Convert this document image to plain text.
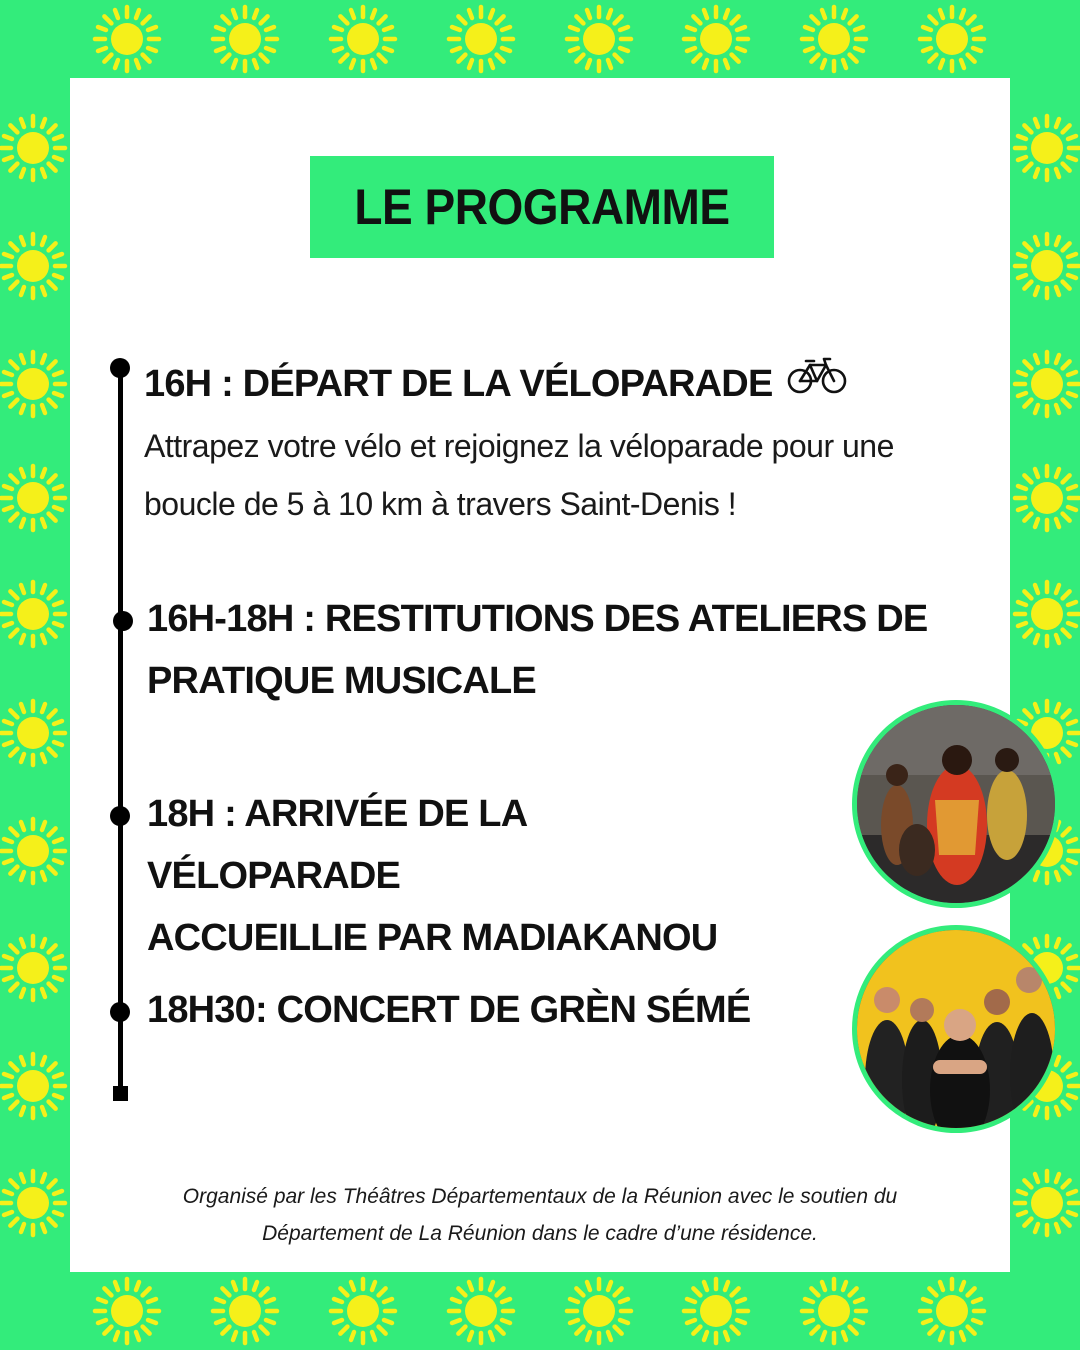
LE PROGRAMME

16H : DÉPART DE LA VÉLOPARADE

Attrapez votre vélo et rejoignez la véloparade pour une boucle de 5 à 10 km à travers Saint-Denis !

16H-18H : RESTITUTIONS DES ATELIERS DE

PRATIQUE MUSICALE

18H : ARRIVÉE DE LA VÉLOPARADE

ACCUEILLIE PAR MADIAKANOU

18H30: CONCERT DE GRÈN SÉMÉ

Organisé par les Théâtres Départementaux de la Réunion avec le soutien du
Département de La Réunion dans le cadre d’une résidence.
